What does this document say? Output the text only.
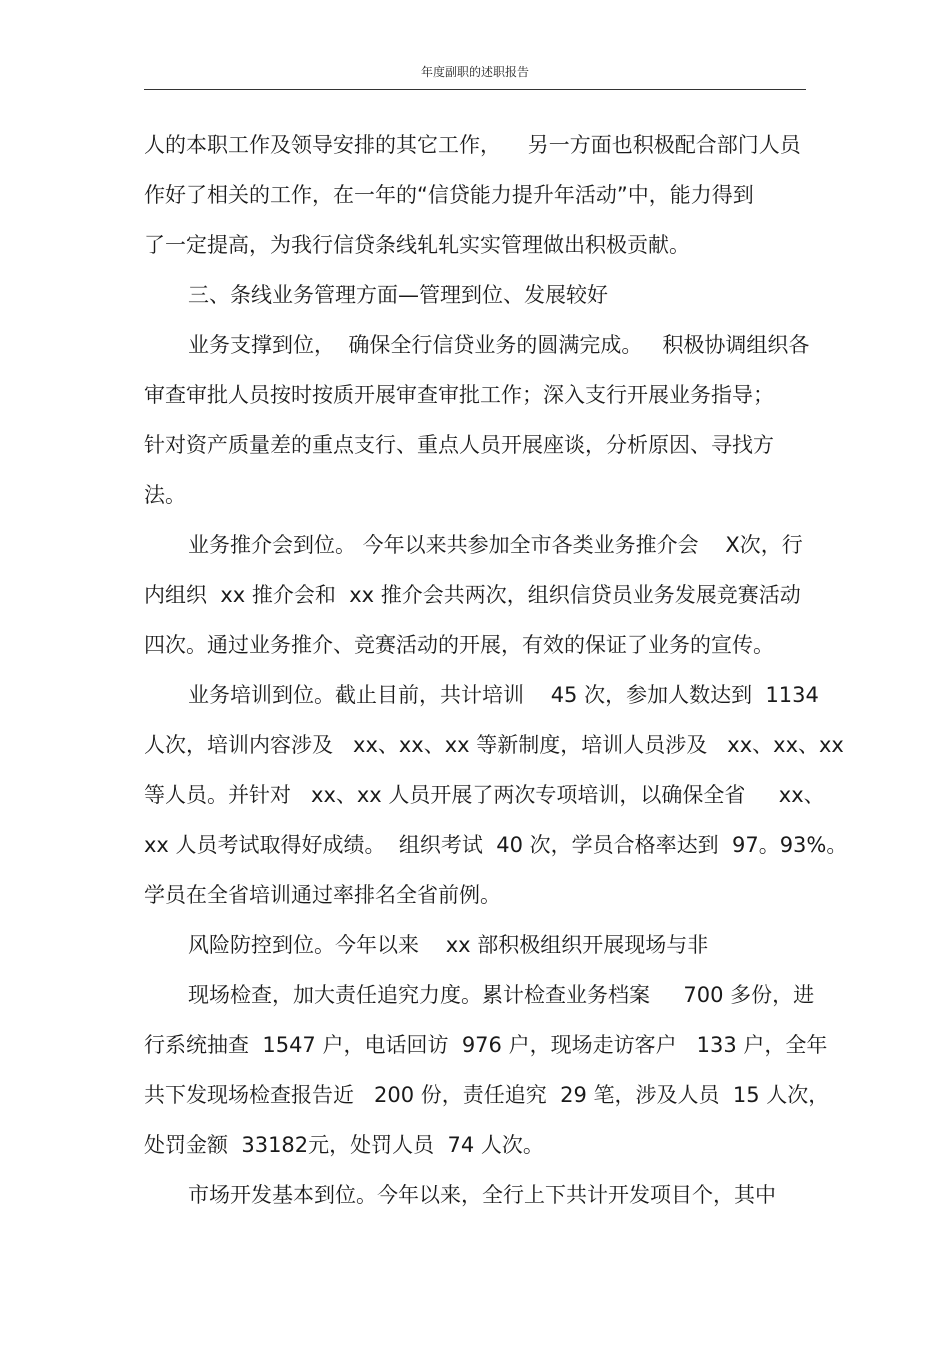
年度副职的述职报告
人的本职工作及领导安排的其它工作，    另一方面也积极配合部门人员
作好了相关的工作，在一年的“信贷能力提升年活动”中，能力得到
了一定提高，为我行信贷条线轧轧实实管理做出积极贡献。
三、条线业务管理方面—管理到位、发展较好
业务支撑到位，  确保全行信贷业务的圆满完成。   积极协调组织各
审查审批人员按时按质开展审查审批工作；深入支行开展业务指导；
针对资产质量差的重点支行、重点人员开展座谈，分析原因、寻找方
法。
业务推介会到位。 今年以来共参加全市各类业务推介会    X次，行
内组织  xx 推介会和  xx 推介会共两次，组织信贷员业务发展竞赛活动
四次。通过业务推介、竞赛活动的开展，有效的保证了业务的宣传。
业务培训到位。截止目前，共计培训    45 次，参加人数达到  1134
人次，培训内容涉及   xx、xx、xx 等新制度，培训人员涉及   xx、xx、xx
等人员。并针对   xx、xx 人员开展了两次专项培训，以确保全省     xx、
xx 人员考试取得好成绩。  组织考试  40 次，学员合格率达到  97。93%。
学员在全省培训通过率排名全省前例。
风险防控到位。今年以来    xx 部积极组织开展现场与非
现场检查，加大责任追究力度。累计检查业务档案     700 多份，进
行系统抽查  1547 户，电话回访  976 户，现场走访客户   133 户，全年
共下发现场检查报告近   200 份，责任追究  29 笔，涉及人员  15 人次，
处罚金额  33182元，处罚人员  74 人次。
市场开发基本到位。今年以来，全行上下共计开发项目个，其中
